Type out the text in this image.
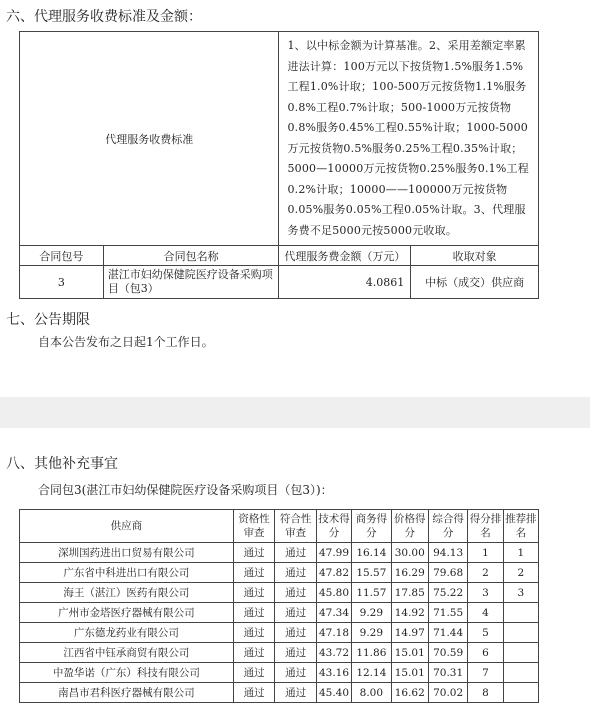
六、代理服务收费标准及金额：
代理服务收费标准		1、以中标金额为计算基准。2、采用差额定率累进法计算：100万元以下按货物1.5%服务1.5%工程1.0%计取；100-500万元按货物1.1%服务0.8%工程0.7%计取；500-1000万元按货物0.8%服务0.45%工程0.55%计取；1000-5000万元按货物0.5%服务0.25%工程0.35%计取；5000—10000万元按货物0.25%服务0.1%工程0.2%计取；10000——100000万元按货物0.05%服务0.05%工程0.05%计取。3、代理服务费不足5000元按5000元收取。	
合同包号	合同包名称	代理服务费金额（万元）	收取对象
3	湛江市妇幼保健院医疗设备采购项目（包3）	4.0861	中标（成交）供应商
七、公告期限
自本公告发布之日起1个工作日。
八、其他补充事宜
合同包3(湛江市妇幼保健院医疗设备采购项目（包3）)：
供应商	资格性审查	符合性审查	技术得分	商务得分	价格得分	综合得分	得分排名	推荐排名
深圳国药进出口贸易有限公司	通过	通过	47.99	16.14	30.00	94.13	1	1
广东省中科进出口有限公司	通过	通过	47.82	15.57	16.29	79.68	2	2
海王（湛江）医药有限公司	通过	通过	45.80	11.57	17.85	75.22	3	3
广州市金塔医疗器械有限公司	通过	通过	47.34	9.29	14.92	71.55	4	
广东德龙药业有限公司	通过	通过	47.18	9.29	14.97	71.44	5	
江西省中钰承商贸有限公司	通过	通过	43.72	11.86	15.01	70.59	6	
中盈华诺（广东）科技有限公司	通过	通过	43.16	12.14	15.01	70.31	7	
南昌市君科医疗器械有限公司	通过	通过	45.40	8.00	16.62	70.02	8	
